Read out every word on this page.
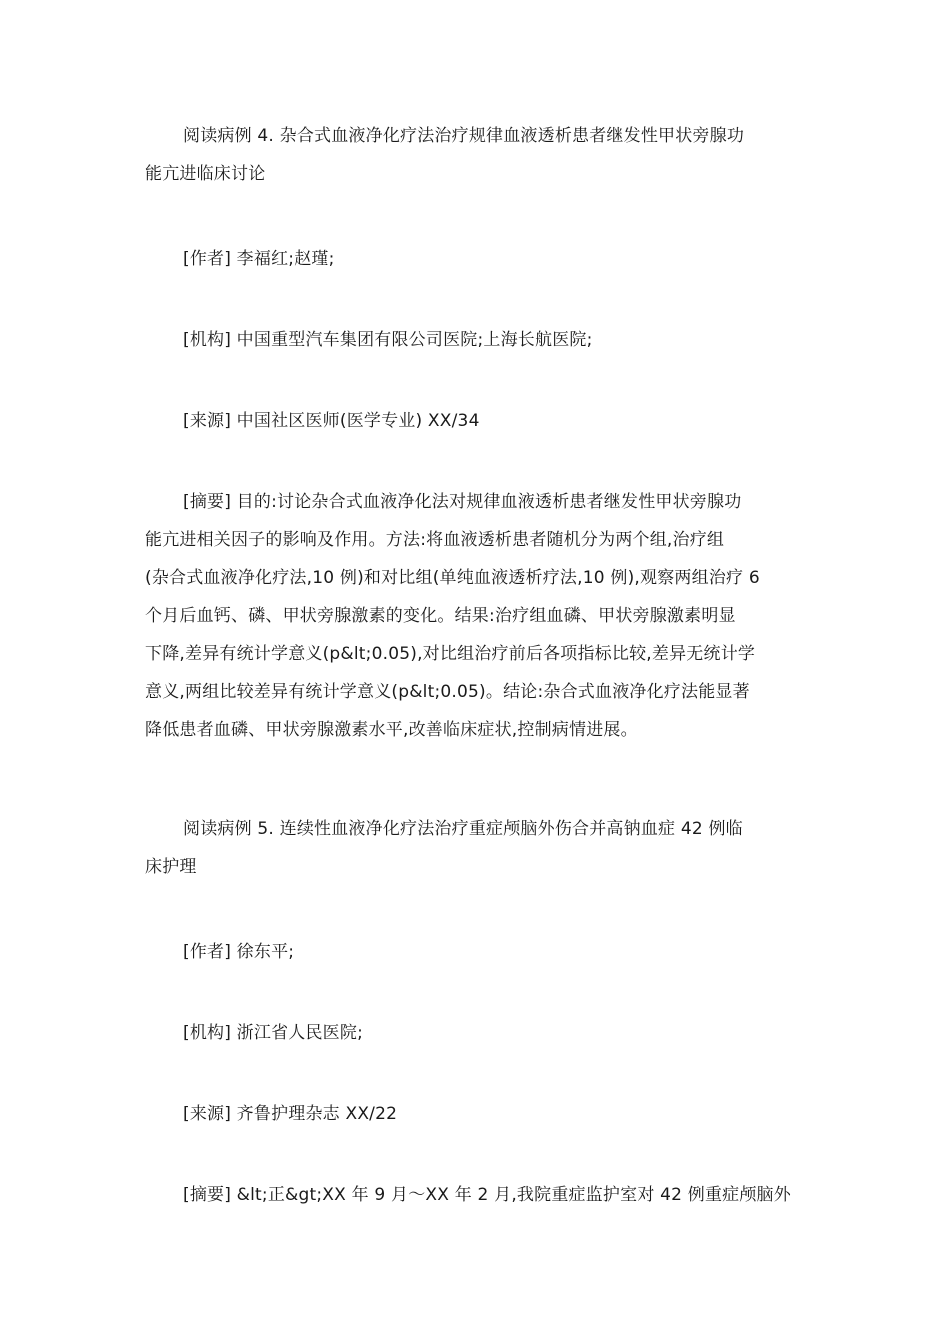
阅读病例 4. 杂合式血液净化疗法治疗规律血液透析患者继发性甲状旁腺功
能亢进临床讨论
[作者] 李福红;赵瑾;
[机构] 中国重型汽车集团有限公司医院;上海长航医院;
[来源] 中国社区医师(医学专业) XX/34
[摘要] 目的:讨论杂合式血液净化法对规律血液透析患者继发性甲状旁腺功
能亢进相关因子的影响及作用。方法:将血液透析患者随机分为两个组,治疗组
(杂合式血液净化疗法,10 例)和对比组(单纯血液透析疗法,10 例),观察两组治疗 6
个月后血钙、磷、甲状旁腺激素的变化。结果:治疗组血磷、甲状旁腺激素明显
下降,差异有统计学意义(p&lt;0.05),对比组治疗前后各项指标比较,差异无统计学
意义,两组比较差异有统计学意义(p&lt;0.05)。结论:杂合式血液净化疗法能显著
降低患者血磷、甲状旁腺激素水平,改善临床症状,控制病情进展。
阅读病例 5. 连续性血液净化疗法治疗重症颅脑外伤合并高钠血症 42 例临
床护理
[作者] 徐东平;
[机构] 浙江省人民医院;
[来源] 齐鲁护理杂志 XX/22
[摘要] &lt;正&gt;XX 年 9 月～XX 年 2 月,我院重症监护室对 42 例重症颅脑外
